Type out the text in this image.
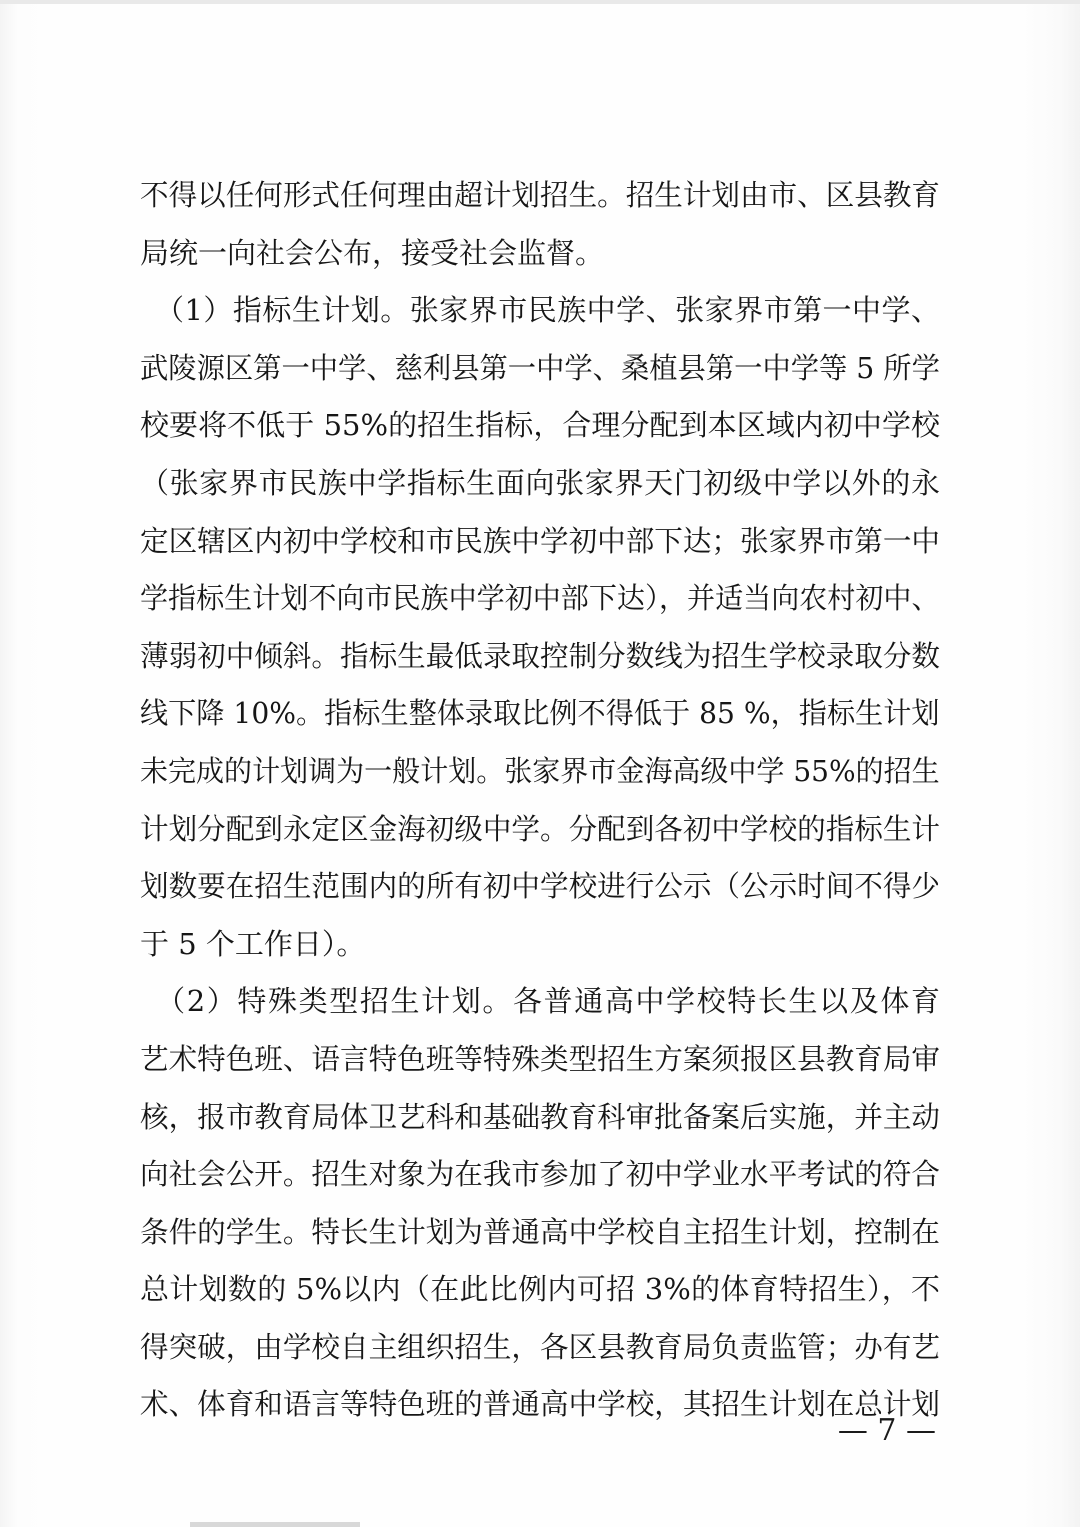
不得以任何形式任何理由超计划招生。招生计划由市、区县教育
局统一向社会公布，接受社会监督。
　（1）指标生计划。张家界市民族中学、张家界市第一中学、
武陵源区第一中学、慈利县第一中学、桑植县第一中学等 5 所学
校要将不低于 55%的招生指标，合理分配到本区域内初中学校
（张家界市民族中学指标生面向张家界天门初级中学以外的永
定区辖区内初中学校和市民族中学初中部下达；张家界市第一中
学指标生计划不向市民族中学初中部下达），并适当向农村初中、
薄弱初中倾斜。指标生最低录取控制分数线为招生学校录取分数
线下降 10%。指标生整体录取比例不得低于 85 %，指标生计划
未完成的计划调为一般计划。张家界市金海高级中学 55%的招生
计划分配到永定区金海初级中学。分配到各初中学校的指标生计
划数要在招生范围内的所有初中学校进行公示（公示时间不得少
于 5 个工作日）。
　（2）特殊类型招生计划。各普通高中学校特长生以及体育
艺术特色班、语言特色班等特殊类型招生方案须报区县教育局审
核，报市教育局体卫艺科和基础教育科审批备案后实施，并主动
向社会公开。招生对象为在我市参加了初中学业水平考试的符合
条件的学生。特长生计划为普通高中学校自主招生计划，控制在
总计划数的 5%以内（在此比例内可招 3%的体育特招生），不
得突破，由学校自主组织招生，各区县教育局负责监管；办有艺
术、体育和语言等特色班的普通高中学校，其招生计划在总计划
— 7 —
